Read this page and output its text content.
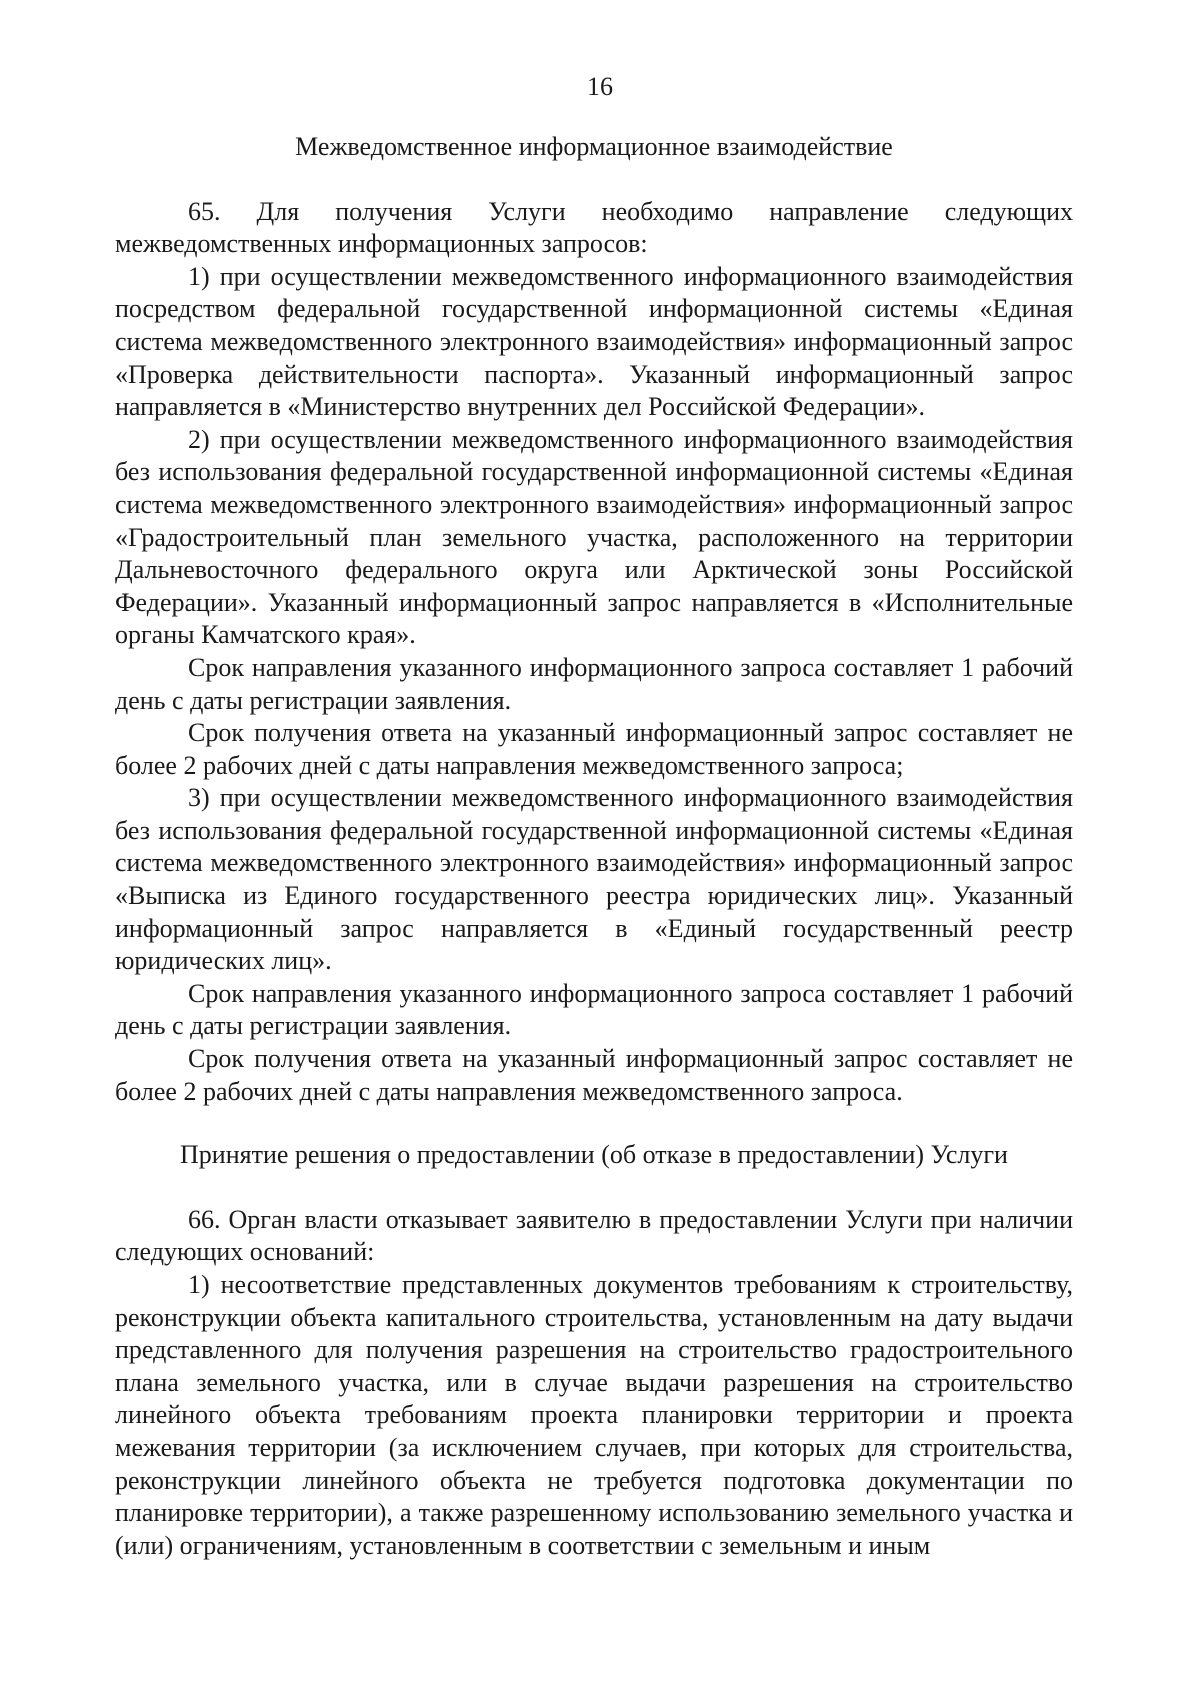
16

Межведомственное информационное взаимодействие

65. Для получения Услуги необходимо направление следующих межведомственных информационных запросов:

1) при осуществлении межведомственного информационного взаимодействия посредством федеральной государственной информационной системы «Единая система межведомственного электронного взаимодействия» информационный запрос «Проверка действительности паспорта». Указанный информационный запрос направляется в «Министерство внутренних дел Российской Федерации».

2) при осуществлении межведомственного информационного взаимодействия без использования федеральной государственной информационной системы «Единая система межведомственного электронного взаимодействия» информационный запрос «Градостроительный план земельного участка, расположенного на территории Дальневосточного федерального округа или Арктической зоны Российской Федерации». Указанный информационный запрос направляется в «Исполнительные органы Камчатского края».

Срок направления указанного информационного запроса составляет 1 рабочий день с даты регистрации заявления.

Срок получения ответа на указанный информационный запрос составляет не более 2 рабочих дней с даты направления межведомственного запроса;

3) при осуществлении межведомственного информационного взаимодействия без использования федеральной государственной информационной системы «Единая система межведомственного электронного взаимодействия» информационный запрос «Выписка из Единого государственного реестра юридических лиц». Указанный информационный запрос направляется в «Единый государственный реестр юридических лиц».

Срок направления указанного информационного запроса составляет 1 рабочий день с даты регистрации заявления.

Срок получения ответа на указанный информационный запрос составляет не более 2 рабочих дней с даты направления межведомственного запроса.

Принятие решения о предоставлении (об отказе в предоставлении) Услуги

66. Орган власти отказывает заявителю в предоставлении Услуги при наличии следующих оснований:

1) несоответствие представленных документов требованиям к строительству, реконструкции объекта капитального строительства, установленным на дату выдачи представленного для получения разрешения на строительство градостроительного плана земельного участка, или в случае выдачи разрешения на строительство линейного объекта требованиям проекта планировки территории и проекта межевания территории (за исключением случаев, при которых для строительства, реконструкции линейного объекта не требуется подготовка документации по планировке территории), а также разрешенному использованию земельного участка и (или) ограничениям, установленным в соответствии с земельным и иным
